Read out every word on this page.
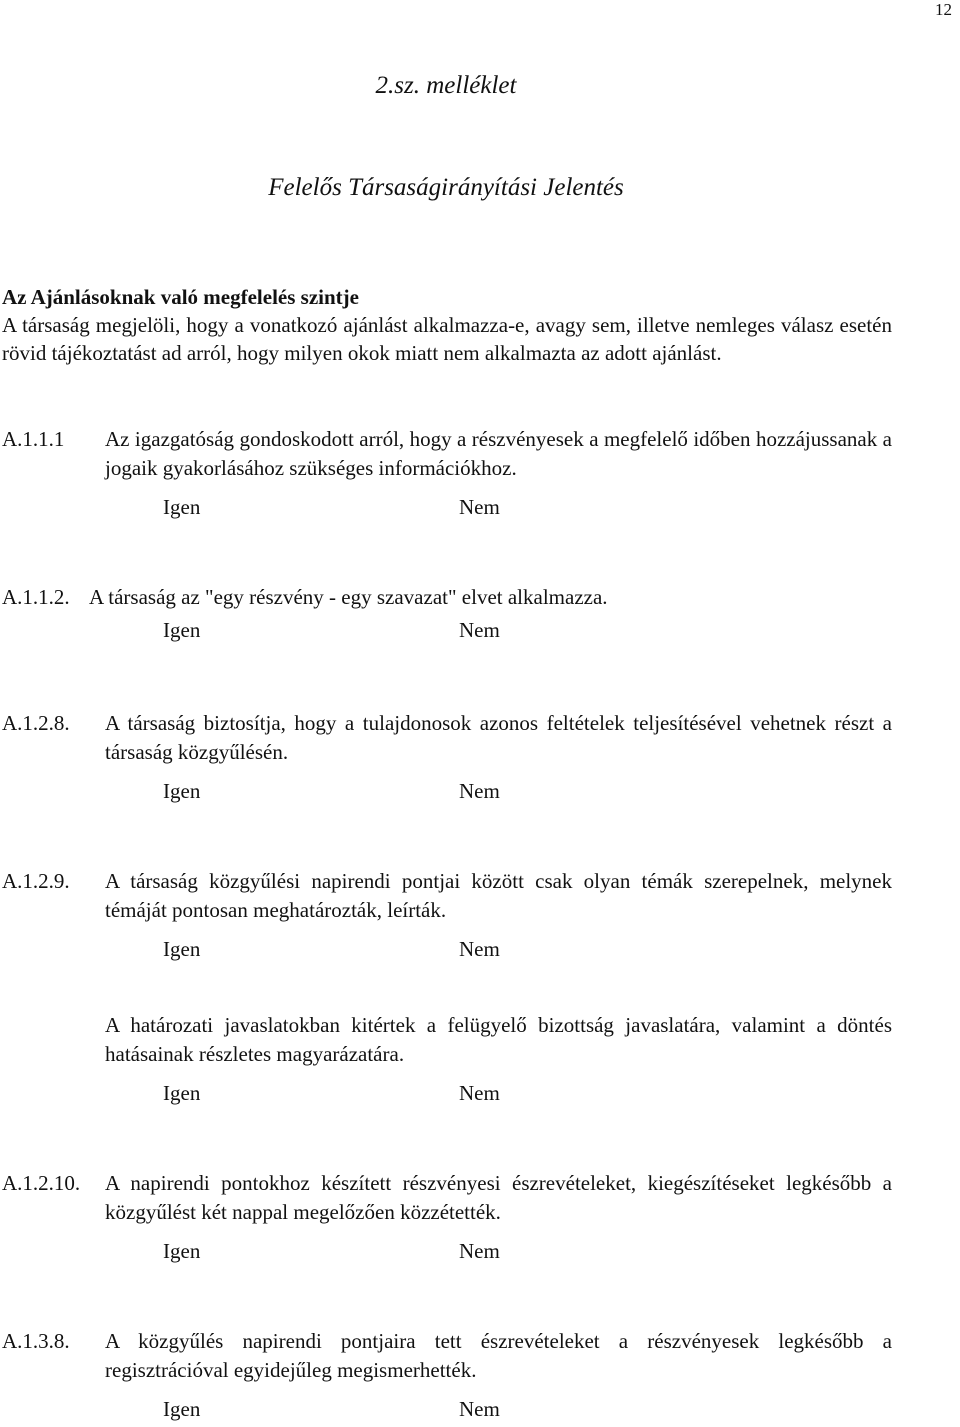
12
2.sz. melléklet
Felelős Társaságirányítási Jelentés
Az Ajánlásoknak való megfelelés szintje
A társaság megjelöli, hogy a vonatkozó ajánlást alkalmazza-e, avagy sem, illetve nemleges válasz esetén rövid tájékoztatást ad arról, hogy milyen okok miatt nem alkalmazta az adott ajánlást.
A.1.1.1 Az igazgatóság gondoskodott arról, hogy a részvényesek a megfelelő időben hozzájussanak a jogaik gyakorlásához szükséges információkhoz.
Igen	Nem
A.1.1.2. A társaság az "egy részvény - egy szavazat" elvet alkalmazza.
Igen	Nem
A.1.2.8. A társaság biztosítja, hogy a tulajdonosok azonos feltételek teljesítésével vehetnek részt a társaság közgyűlésén.
Igen	Nem
A.1.2.9. A társaság közgyűlési napirendi pontjai között csak olyan témák szerepelnek, melynek témáját pontosan meghatározták, leírták.
Igen	Nem
A határozati javaslatokban kitértek a felügyelő bizottság javaslatára, valamint a döntés hatásainak részletes magyarázatára.
Igen	Nem
A.1.2.10. A napirendi pontokhoz készített részvényesi észrevételeket, kiegészítéseket legkésőbb a közgyűlést két nappal megelőzően közzétették.
Igen	Nem
A.1.3.8. A közgyűlés napirendi pontjaira tett észrevételeket a részvényesek legkésőbb a regisztrációval egyidejűleg megismerhették.
Igen	Nem
